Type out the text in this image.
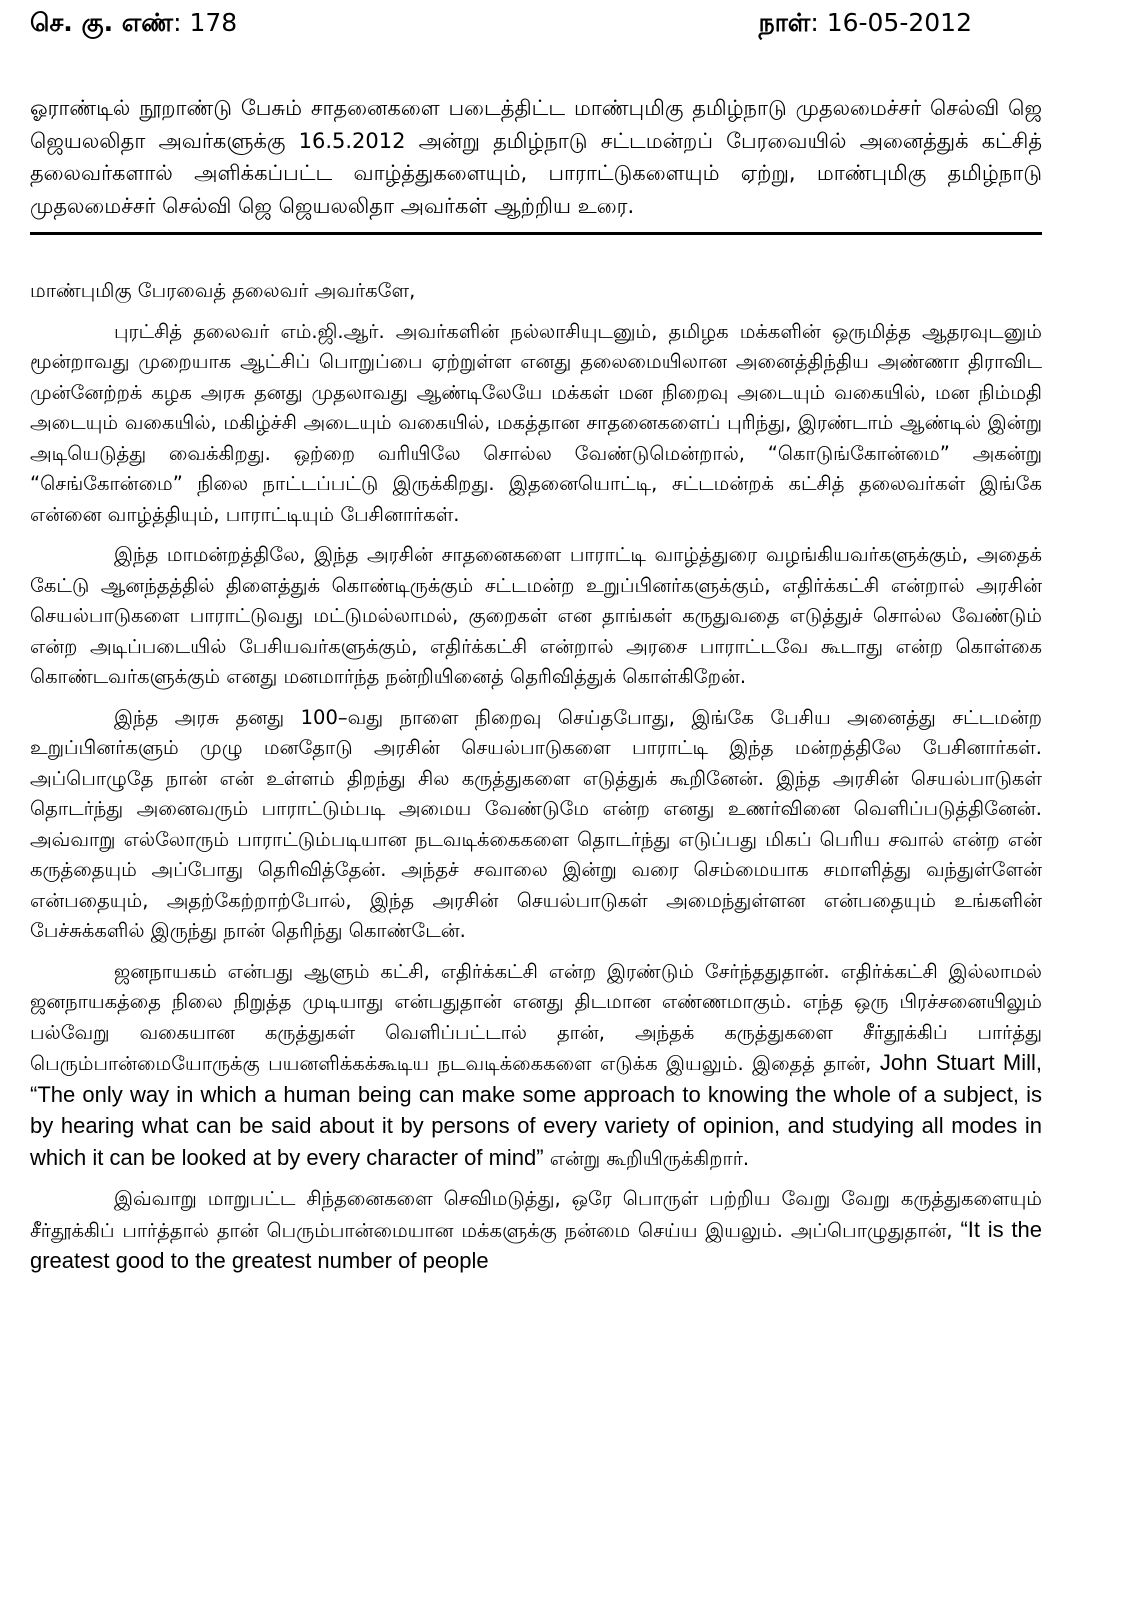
செ. கு. எண்: 178	நாள்: 16-05-2012
ஓராண்டில் நூறாண்டு பேசும் சாதனைகளை படைத்திட்ட மாண்புமிகு தமிழ்நாடு முதலமைச்சர் செல்வி ஜெ ஜெயலலிதா அவர்களுக்கு 16.5.2012 அன்று தமிழ்நாடு சட்டமன்றப் பேரவையில் அனைத்துக் கட்சித் தலைவர்களால் அளிக்கப்பட்ட வாழ்த்துகளையும், பாராட்டுகளையும் ஏற்று, மாண்புமிகு தமிழ்நாடு முதலமைச்சர் செல்வி ஜெ ஜெயலலிதா அவர்கள் ஆற்றிய உரை.

மாண்புமிகு பேரவைத் தலைவர் அவர்களே,

புரட்சித் தலைவர் எம்.ஜி.ஆர். அவர்களின் நல்லாசியுடனும், தமிழக மக்களின் ஒருமித்த ஆதரவுடனும் மூன்றாவது முறையாக ஆட்சிப் பொறுப்பை ஏற்றுள்ள எனது தலைமையிலான அனைத்திந்திய அண்ணா திராவிட முன்னேற்றக் கழக அரசு தனது முதலாவது ஆண்டிலேயே மக்கள் மன நிறைவு அடையும் வகையில், மன நிம்மதி அடையும் வகையில், மகிழ்ச்சி அடையும் வகையில், மகத்தான சாதனைகளைப் புரிந்து, இரண்டாம் ஆண்டில் இன்று அடியெடுத்து வைக்கிறது. ஒற்றை வரியிலே சொல்ல வேண்டுமென்றால், “கொடுங்கோன்மை” அகன்று “செங்கோன்மை” நிலை நாட்டப்பட்டு இருக்கிறது. இதனையொட்டி, சட்டமன்றக் கட்சித் தலைவர்கள் இங்கே என்னை வாழ்த்தியும், பாராட்டியும் பேசினார்கள்.

இந்த மாமன்றத்திலே, இந்த அரசின் சாதனைகளை பாராட்டி வாழ்த்துரை வழங்கியவர்களுக்கும், அதைக் கேட்டு ஆனந்தத்தில் திளைத்துக் கொண்டிருக்கும் சட்டமன்ற உறுப்பினர்களுக்கும், எதிர்க்கட்சி என்றால் அரசின் செயல்பாடுகளை பாராட்டுவது மட்டுமல்லாமல், குறைகள் என தாங்கள் கருதுவதை எடுத்துச் சொல்ல வேண்டும் என்ற அடிப்படையில் பேசியவர்களுக்கும், எதிர்க்கட்சி என்றால் அரசை பாராட்டவே கூடாது என்ற கொள்கை கொண்டவர்களுக்கும் எனது மனமார்ந்த நன்றியினைத் தெரிவித்துக் கொள்கிறேன்.

இந்த அரசு தனது 100–வது நாளை நிறைவு செய்தபோது, இங்கே பேசிய அனைத்து சட்டமன்ற உறுப்பினர்களும் முழு மனதோடு அரசின் செயல்பாடுகளை பாராட்டி இந்த மன்றத்திலே பேசினார்கள். அப்பொழுதே நான் என் உள்ளம் திறந்து சில கருத்துகளை எடுத்துக் கூறினேன். இந்த அரசின் செயல்பாடுகள் தொடர்ந்து அனைவரும் பாராட்டும்படி அமைய வேண்டுமே என்ற எனது உணர்வினை வெளிப்படுத்தினேன். அவ்வாறு எல்லோரும் பாராட்டும்படியான நடவடிக்கைகளை தொடர்ந்து எடுப்பது மிகப் பெரிய சவால் என்ற என் கருத்தையும் அப்போது தெரிவித்தேன். அந்தச் சவாலை இன்று வரை செம்மையாக சமாளித்து வந்துள்ளேன் என்பதையும், அதற்கேற்றாற்போல், இந்த அரசின் செயல்பாடுகள் அமைந்துள்ளன என்பதையும் உங்களின் பேச்சுக்களில் இருந்து நான் தெரிந்து கொண்டேன்.

ஜனநாயகம் என்பது ஆளும் கட்சி, எதிர்க்கட்சி என்ற இரண்டும் சேர்ந்ததுதான். எதிர்க்கட்சி இல்லாமல் ஜனநாயகத்தை நிலை நிறுத்த முடியாது என்பதுதான் எனது திடமான எண்ணமாகும். எந்த ஒரு பிரச்சனையிலும் பல்வேறு வகையான கருத்துகள் வெளிப்பட்டால் தான், அந்தக் கருத்துகளை சீர்தூக்கிப் பார்த்து பெரும்பான்மையோருக்கு பயனளிக்கக்கூடிய நடவடிக்கைகளை எடுக்க இயலும். இதைத் தான், John Stuart Mill, “The only way in which a human being can make some approach to knowing the whole of a subject, is by hearing what can be said about it by persons of every variety of opinion, and studying all modes in which it can be looked at by every character of mind” என்று கூறியிருக்கிறார்.

இவ்வாறு மாறுபட்ட சிந்தனைகளை செவிமடுத்து, ஒரே பொருள் பற்றிய வேறு வேறு கருத்துகளையும் சீர்தூக்கிப் பார்த்தால் தான் பெரும்பான்மையான மக்களுக்கு நன்மை செய்ய இயலும். அப்பொழுதுதான், “It is the greatest good to the greatest number of people
